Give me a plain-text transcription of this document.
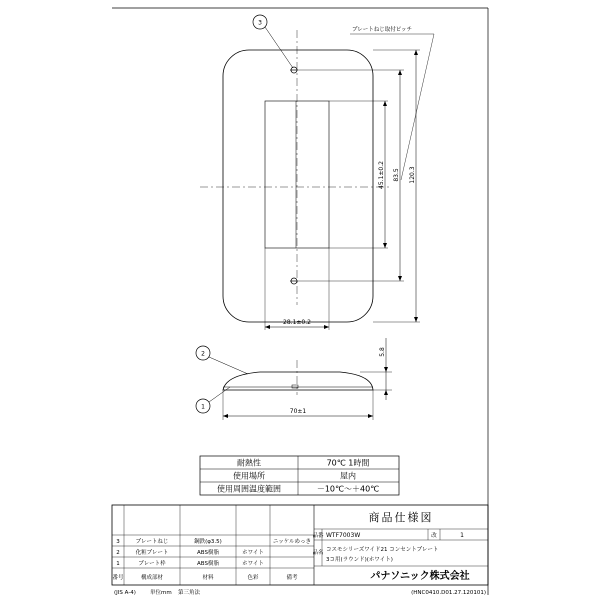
45.1±0.2 83.5 120.3
28.1±0.2
3
プレートねじ取付ピッチ
5.8
70±1
2
1
耐熱性	70℃ 1時間
使用場所	屋内
使用周囲温度範囲	－10℃～＋40℃
3	プレートねじ	鋼鉄(φ3.5)	ニッケルめっき
2	化粧プレート	ABS樹脂	ホワイト
1	プレート枠	ABS樹脂	ホワイト
番号	構成部材	材料	色彩	備考
商品仕様図
品番 WTF7003W	改	1
品名 コスモシリーズワイド21 コンセントプレート
3コ用(ラウンド)(ホワイト)
パナソニック株式会社
(JIS A-4)	単位mm 第三角法	(HNC0410.D01.27.120101)
